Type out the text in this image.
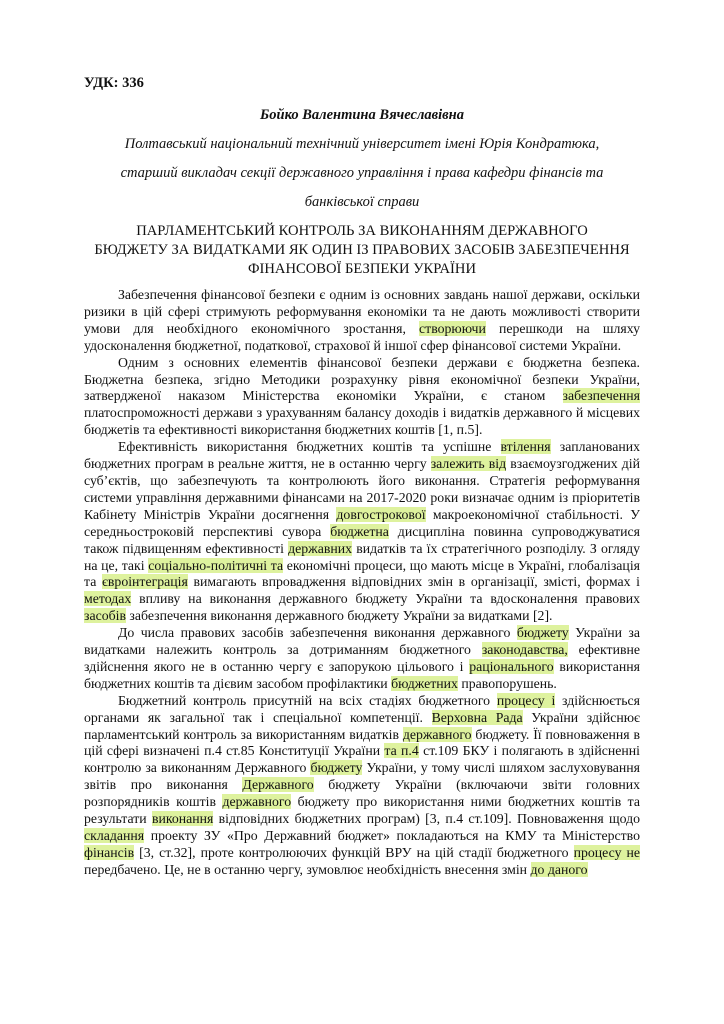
УДК: 336
Бойко Валентина Вячеславівна
Полтавський національний технічний університет імені Юрія Кондратюка,
старший викладач секції державного управління і права кафедри фінансів та
банківської справи
ПАРЛАМЕНТСЬКИЙ КОНТРОЛЬ ЗА ВИКОНАННЯМ ДЕРЖАВНОГО
БЮДЖЕТУ ЗА ВИДАТКАМИ ЯК ОДИН ІЗ ПРАВОВИХ ЗАСОБІВ ЗАБЕЗПЕЧЕННЯ
ФІНАНСОВОЇ БЕЗПЕКИ УКРАЇНИ

Забезпечення фінансової безпеки є одним із основних завдань нашої держави, оскільки ризики в цій сфері стримують реформування економіки та не дають можливості створити умови для необхідного економічного зростання, створюючи перешкоди на шляху удосконалення бюджетної, податкової, страхової й іншої сфер фінансової системи України.

Одним з основних елементів фінансової безпеки держави є бюджетна безпека. Бюджетна безпека, згідно Методики розрахунку рівня економічної безпеки України, затвердженої наказом Міністерства економіки України, є станом забезпечення платоспроможності держави з урахуванням балансу доходів і видатків державного й місцевих бюджетів та ефективності використання бюджетних коштів [1, п.5].

Ефективність використання бюджетних коштів та успішне втілення запланованих бюджетних програм в реальне життя, не в останню чергу залежить від взаємоузгоджених дій суб’єктів, що забезпечують та контролюють його виконання. Стратегія реформування системи управління державними фінансами на 2017-2020 роки визначає одним із пріоритетів Кабінету Міністрів України досягнення довгострокової макроекономічної стабільності. У середньостроковій перспективі сувора бюджетна дисципліна повинна супроводжуватися також підвищенням ефективності державних видатків та їх стратегічного розподілу. З огляду на це, такі соціально-політичні та економічні процеси, що мають місце в Україні, глобалізація та євроінтеграція вимагають впровадження відповідних змін в організації, змісті, формах і методах впливу на виконання державного бюджету України та вдосконалення правових засобів забезпечення виконання державного бюджету України за видатками [2].

До числа правових засобів забезпечення виконання державного бюджету України за видатками належить контроль за дотриманням бюджетного законодавства, ефективне здійснення якого не в останню чергу є запорукою цільового і раціонального використання бюджетних коштів та дієвим засобом профілактики бюджетних правопорушень.

Бюджетний контроль присутній на всіх стадіях бюджетного процесу і здійснюється органами як загальної так і спеціальної компетенції. Верховна Рада України здійснює парламентський контроль за використанням видатків державного бюджету. Її повноваження в цій сфері визначені п.4 ст.85 Конституції України та п.4 ст.109 БКУ і полягають в здійсненні контролю за виконанням Державного бюджету України, у тому числі шляхом заслуховування звітів про виконання Державного бюджету України (включаючи звіти головних розпорядників коштів державного бюджету про використання ними бюджетних коштів та результати виконання відповідних бюджетних програм) [3, п.4 ст.109]. Повноваження щодо складання проекту ЗУ «Про Державний бюджет» покладаються на КМУ та Міністерство фінансів [3, ст.32], проте контролюючих функцій ВРУ на цій стадії бюджетного процесу не передбачено. Це, не в останню чергу, зумовлює необхідність внесення змін до даного
